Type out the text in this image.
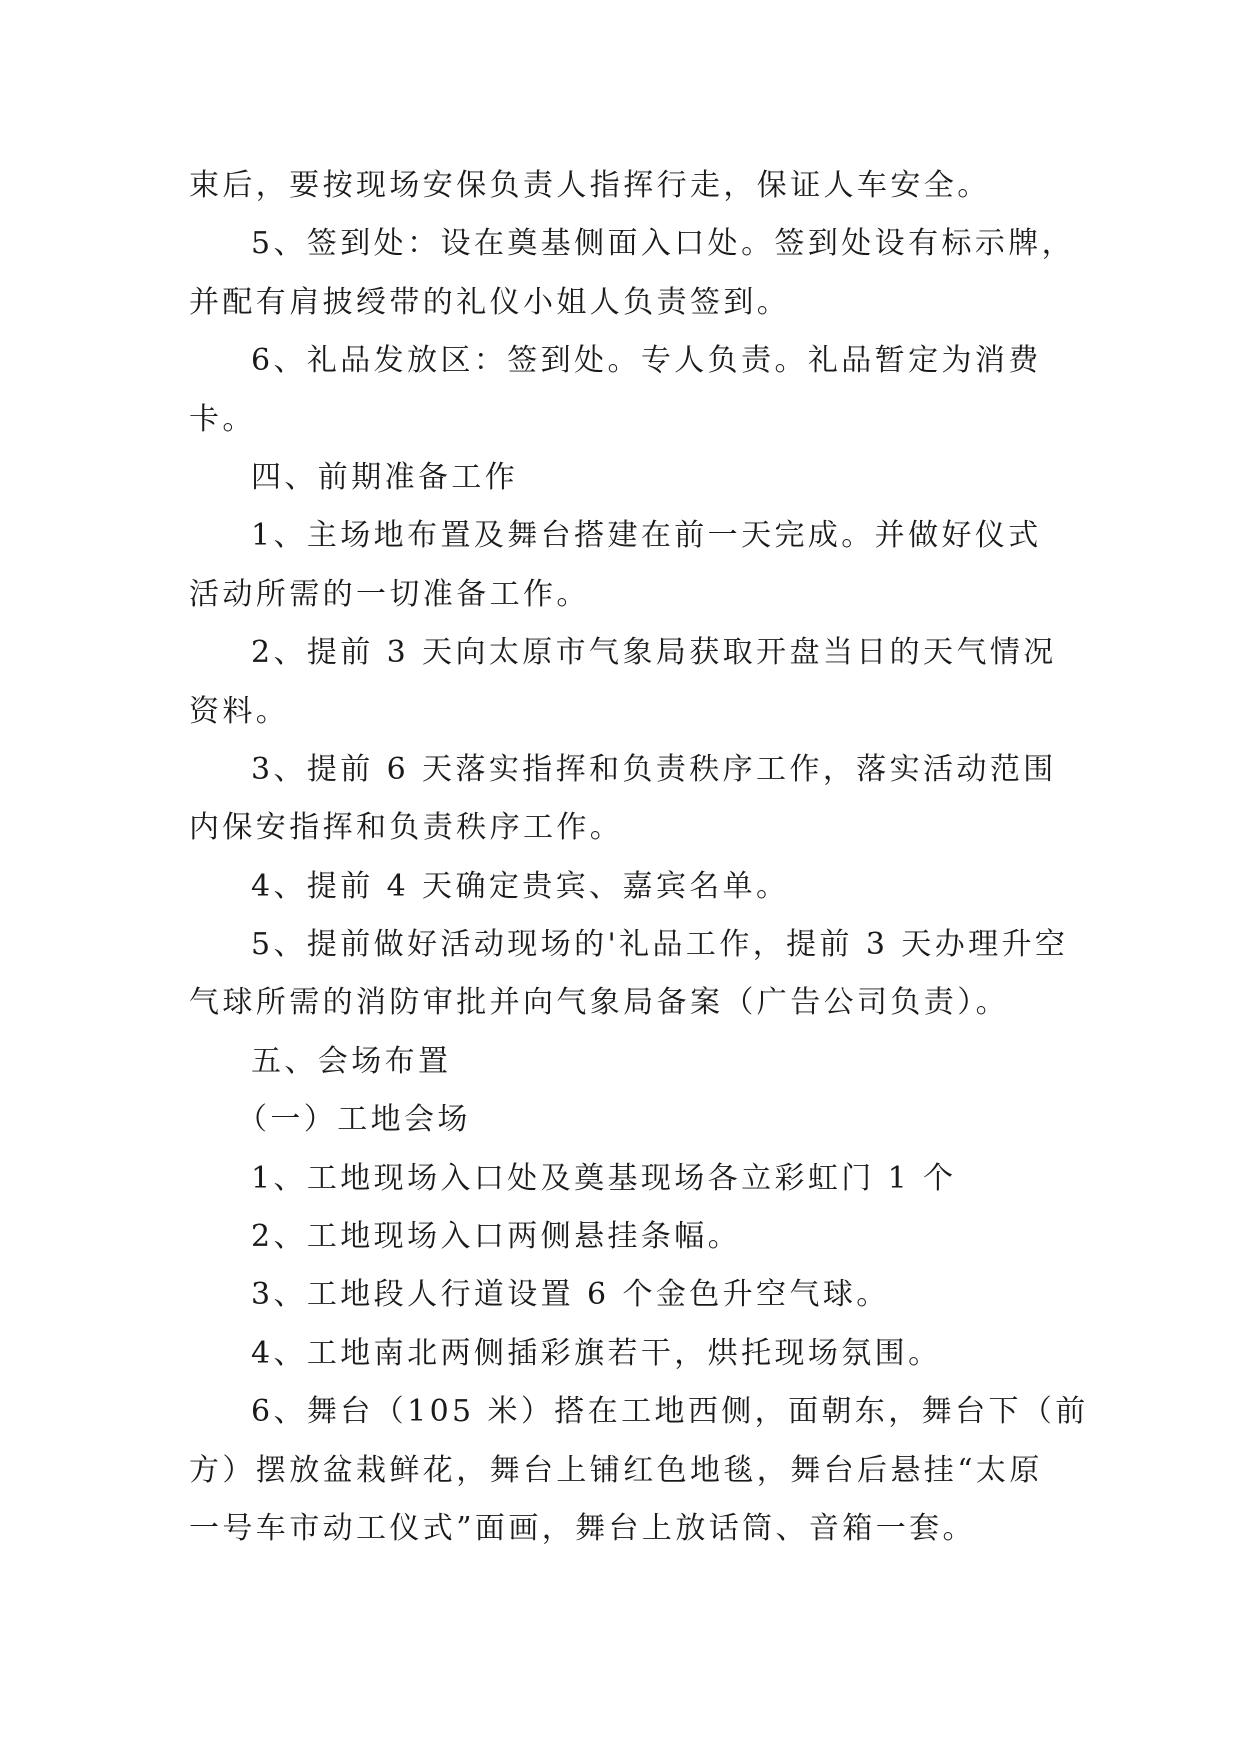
束后，要按现场安保负责人指挥行走，保证人车安全。
5、签到处：设在奠基侧面入口处。签到处设有标示牌，
并配有肩披绶带的礼仪小姐人负责签到。
6、礼品发放区：签到处。专人负责。礼品暂定为消费
卡。
四、前期准备工作
1、主场地布置及舞台搭建在前一天完成。并做好仪式
活动所需的一切准备工作。
2、提前 3 天向太原市气象局获取开盘当日的天气情况
资料。
3、提前 6 天落实指挥和负责秩序工作，落实活动范围
内保安指挥和负责秩序工作。
4、提前 4 天确定贵宾、嘉宾名单。
5、提前做好活动现场的'礼品工作，提前 3 天办理升空
气球所需的消防审批并向气象局备案（广告公司负责）。
五、会场布置
（一）工地会场
1、工地现场入口处及奠基现场各立彩虹门 1 个
2、工地现场入口两侧悬挂条幅。
3、工地段人行道设置 6 个金色升空气球。
4、工地南北两侧插彩旗若干，烘托现场氛围。
6、舞台（105 米）搭在工地西侧，面朝东，舞台下（前
方）摆放盆栽鲜花，舞台上铺红色地毯，舞台后悬挂“太原
一号车市动工仪式”面画，舞台上放话筒、音箱一套。
